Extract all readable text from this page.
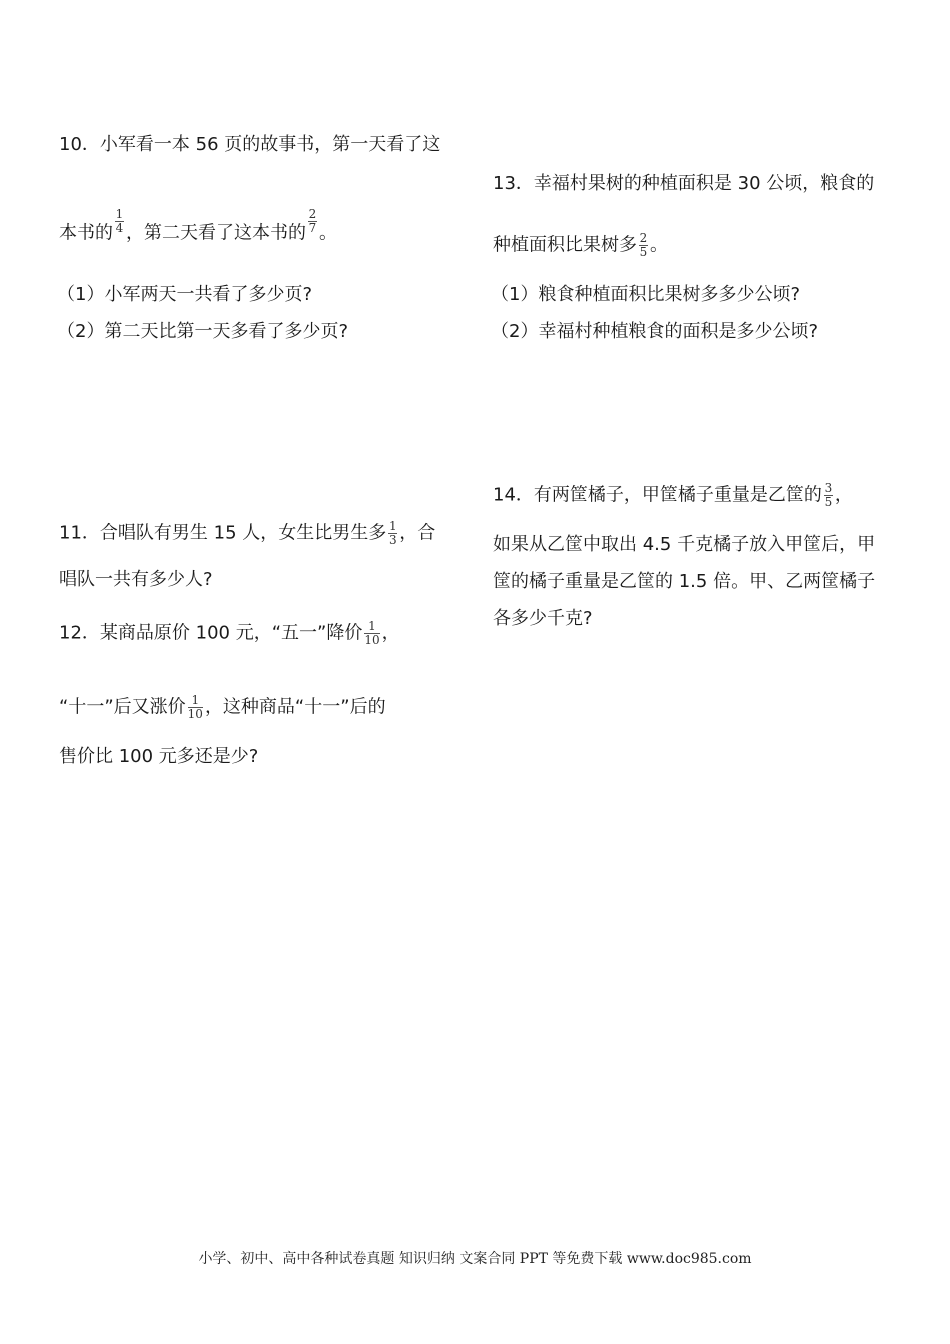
10．小军看一本 56 页的故事书，第一天看了这
本书的 $\frac{1}{4}$ ，第二天看了这本书的 $\frac{2}{7}$ 。
（1）小军两天一共看了多少页?
（2）第二天比第一天多看了多少页?
11．合唱队有男生 15 人，女生比男生多 $\frac{1}{3}$ ，合
唱队一共有多少人?
12．某商品原价 100 元，“五一”降价 $\frac{1}{10}$ ，
“十一”后又涨价 $\frac{1}{10}$ ，这种商品“十一”后的
售价比 100 元多还是少?
13．幸福村果树的种植面积是 30 公顷，粮食的
种植面积比果树多 $\frac{2}{5}$ 。
（1）粮食种植面积比果树多多少公顷?
（2）幸福村种植粮食的面积是多少公顷?
14．有两筐橘子，甲筐橘子重量是乙筐的 $\frac{3}{5}$ ，
如果从乙筐中取出 4.5 千克橘子放入甲筐后，甲
筐的橘子重量是乙筐的 1.5 倍。甲、乙两筐橘子
各多少千克?
小学、初中、高中各种试卷真题 知识归纳 文案合同 PPT 等免费下载 www.doc985.com
